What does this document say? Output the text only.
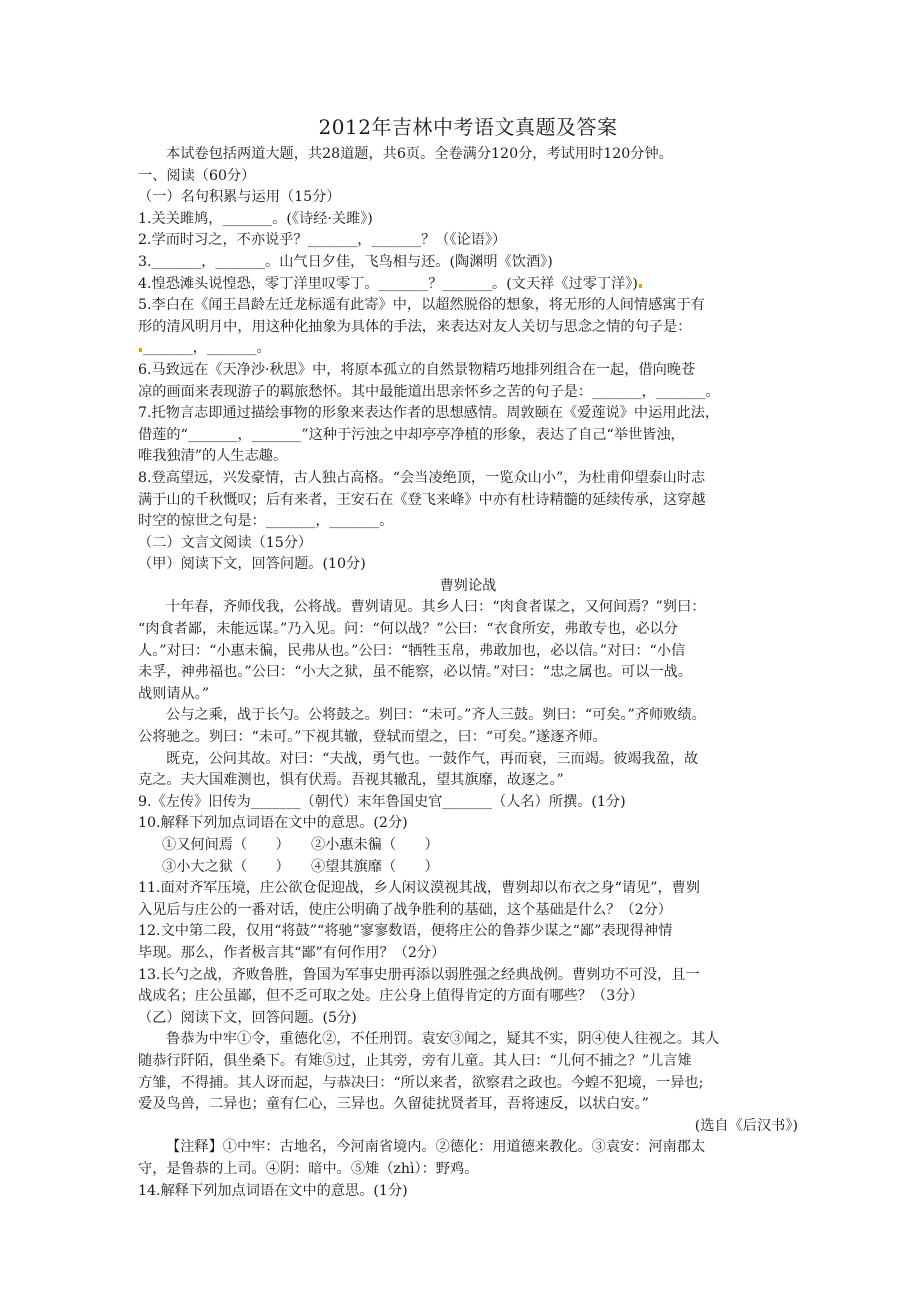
2012年吉林中考语文真题及答案
本试卷包括两道大题，共28道题，共6页。全卷满分120分，考试用时120分钟。
一、阅读（60分）
（一）名句积累与运用（15分）
1.关关雎鸠，_______。(《诗经·关雎》)
2.学而时习之，不亦说乎？_______，_______？（《论语》）
3._______，_______。山气日夕佳，飞鸟相与还。(陶渊明《饮酒》)
4.惶恐滩头说惶恐，零丁洋里叹零丁。_______？_______。(文天祥《过零丁洋》)
5.李白在《闻王昌龄左迁龙标遥有此寄》中，以超然脱俗的想象，将无形的人间情感寓于有
形的清风明月中，用这种化抽象为具体的手法，来表达对友人关切与思念之情的句子是：
_______，_______。
6.马致远在《天净沙·秋思》中，将原本孤立的自然景物精巧地排列组合在一起，借向晚苍
凉的画面来表现游子的羁旅愁怀。其中最能道出思亲怀乡之苦的句子是：_______，_______。
7.托物言志即通过描绘事物的形象来表达作者的思想感情。周敦颐在《爱莲说》中运用此法，
借莲的“_______，_______”这种于污浊之中却亭亭净植的形象，表达了自己“举世皆浊，
唯我独清”的人生志趣。
8.登高望远，兴发豪情，古人独占高格。“会当凌绝顶，一览众山小”，为杜甫仰望泰山时志
满于山的千秋慨叹；后有来者，王安石在《登飞来峰》中亦有杜诗精髓的延续传承，这穿越
时空的惊世之句是：_______，_______。
（二）文言文阅读（15分）
（甲）阅读下文，回答问题。(10分)
曹刿论战
十年春，齐师伐我，公将战。曹刿请见。其乡人曰：“肉食者谋之，又何间焉？”刿曰：
“肉食者鄙，未能远谋。”乃入见。问：“何以战？”公曰：“衣食所安，弗敢专也，必以分
人。”对曰：“小惠未徧，民弗从也。”公曰：“牺牲玉帛，弗敢加也，必以信。”对曰：“小信
未孚，神弗福也。”公曰：“小大之狱，虽不能察，必以情。”对曰：“忠之属也。可以一战。
战则请从。”
公与之乘，战于长勺。公将鼓之。刿曰：“未可。”齐人三鼓。刿曰：“可矣。”齐师败绩。
公将驰之。刿曰：“未可。”下视其辙，登轼而望之，曰：“可矣。”遂逐齐师。
既克，公问其故。对曰：“夫战，勇气也。一鼓作气，再而衰，三而竭。彼竭我盈，故
克之。夫大国难测也，惧有伏焉。吾视其辙乱，望其旗靡，故逐之。”
9.《左传》旧传为_______（朝代）末年鲁国史官_______（人名）所撰。(1分)
10.解释下列加点词语在文中的意思。(2分)
①又何间焉（　　）　　②小惠未徧（　　）
③小大之狱（　　）　　④望其旗靡（　　）
11.面对齐军压境，庄公欲仓促迎战，乡人闲议漠视其战，曹刿却以布衣之身“请见”，曹刿
入见后与庄公的一番对话，使庄公明确了战争胜利的基础，这个基础是什么？（2分）
12.文中第二段，仅用“将鼓”“将驰”寥寥数语，便将庄公的鲁莽少谋之“鄙”表现得神情
毕现。那么，作者极言其“鄙”有何作用？（2分）
13.长勺之战，齐败鲁胜，鲁国为军事史册再添以弱胜强之经典战例。曹刿功不可没，且一
战成名；庄公虽鄙，但不乏可取之处。庄公身上值得肯定的方面有哪些？（3分）
（乙）阅读下文，回答问题。(5分)
鲁恭为中牢①令，重德化②，不任刑罚。袁安③闻之，疑其不实，阴④使人往视之。其人
随恭行阡陌，俱坐桑下。有雉⑤过，止其旁，旁有儿童。其人曰：“儿何不捕之？”儿言雉
方雏，不得捕。其人讶而起，与恭决曰：“所以来者，欲察君之政也。今蝗不犯境，一异也;
爱及鸟兽，二异也；童有仁心，三异也。久留徒扰贤者耳，吾将速反，以状白安。”
(选自《后汉书》)
【注释】①中牢：古地名，今河南省境内。②德化：用道德来教化。③袁安：河南郡太
守，是鲁恭的上司。④阴：暗中。⑤雉（zhì）：野鸡。
14.解释下列加点词语在文中的意思。(1分)
